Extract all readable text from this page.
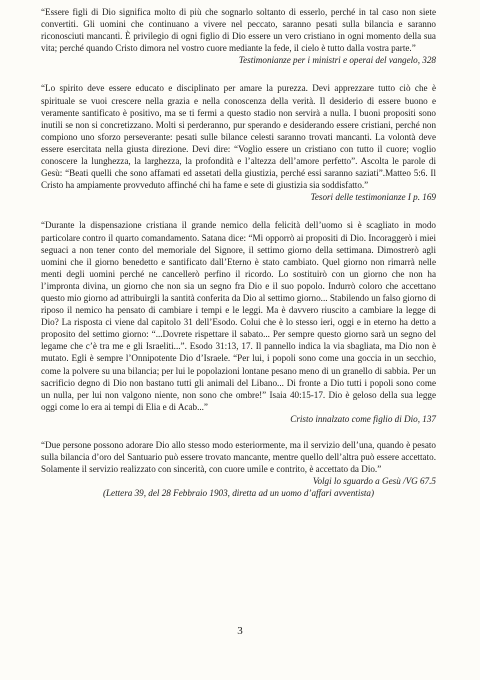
“Essere figli di Dio significa molto di più che sognarlo soltanto di esserlo, perché in tal caso non siete convertiti. Gli uomini che continuano a vivere nel peccato, saranno pesati sulla bilancia e saranno riconosciuti mancanti. È privilegio di ogni figlio di Dio essere un vero cristiano in ogni momento della sua vita; perché quando Cristo dimora nel vostro cuore mediante la fede, il cielo è tutto dalla vostra parte.”

Testimonianze per i ministri e operai del vangelo, 328

“Lo spirito deve essere educato e disciplinato per amare la purezza. Devi apprezzare tutto ciò che è spirituale se vuoi crescere nella grazia e nella conoscenza della verità. Il desiderio di essere buono e veramente santificato è positivo, ma se ti fermi a questo stadio non servirà a nulla. I buoni propositi sono inutili se non si concretizzano. Molti si perderanno, pur sperando e desiderando essere cristiani, perché non compiono uno sforzo perseverante: pesati sulle bilance celesti saranno trovati mancanti. La volontà deve essere esercitata nella giusta direzione. Devi dire: “Voglio essere un cristiano con tutto il cuore; voglio conoscere la lunghezza, la larghezza, la profondità e l’altezza dell’amore perfetto”. Ascolta le parole di Gesù: “Beati quelli che sono affamati ed assetati della giustizia, perché essi saranno saziati”.Matteo 5:6. Il Cristo ha ampiamente provveduto affinché chi ha fame e sete di giustizia sia soddisfatto.”

Tesori delle testimonianze I p. 169

“Durante la dispensazione cristiana il grande nemico della felicità dell’uomo si è scagliato in modo particolare contro il quarto comandamento. Satana dice: “Mi opporrò ai propositi di Dio. Incoraggerò i miei seguaci a non tener conto del memoriale del Signore, il settimo giorno della settimana. Dimostrerò agli uomini che il giorno benedetto e santificato dall’Eterno è stato cambiato. Quel giorno non rimarrà nelle menti degli uomini perché ne cancellerò perfino il ricordo. Lo sostituirò con un giorno che non ha l’impronta divina, un giorno che non sia un segno fra Dio e il suo popolo. Indurrò coloro che accettano questo mio giorno ad attribuirgli la santità conferita da Dio al settimo giorno... Stabilendo un falso giorno di riposo il nemico ha pensato di cambiare i tempi e le leggi. Ma è davvero riuscito a cambiare la legge di Dio? La risposta ci viene dal capitolo 31 dell’Esodo. Colui che è lo stesso ieri, oggi e in eterno ha detto a proposito del settimo giorno: “...Dovrete rispettare il sabato... Per sempre questo giorno sarà un segno del legame che c’è tra me e gli Israeliti...”. Esodo 31:13, 17. Il pannello indica la via sbagliata, ma Dio non è mutato. Egli è sempre l’Onnipotente Dio d’Israele. “Per lui, i popoli sono come una goccia in un secchio, come la polvere su una bilancia; per lui le popolazioni lontane pesano meno di un granello di sabbia. Per un sacrificio degno di Dio non bastano tutti gli animali del Libano... Di fronte a Dio tutti i popoli sono come un nulla, per lui non valgono niente, non sono che ombre!” Isaia 40:15-17. Dio è geloso della sua legge oggi come lo era ai tempi di Elia e di Acab...”

Cristo innalzato come figlio di Dio, 137

“Due persone possono adorare Dio allo stesso modo esteriormente, ma il servizio dell’una, quando è pesato sulla bilancia d’oro del Santuario può essere trovato mancante, mentre quello dell’altra può essere accettato. Solamente il servizio realizzato con sincerità, con cuore umile e contrito, è accettato da Dio.”

Volgi lo sguardo a Gesù /VG 67.5

(Lettera 39, del 28 Febbraio 1903, diretta ad un uomo d’affari avventista)

3
